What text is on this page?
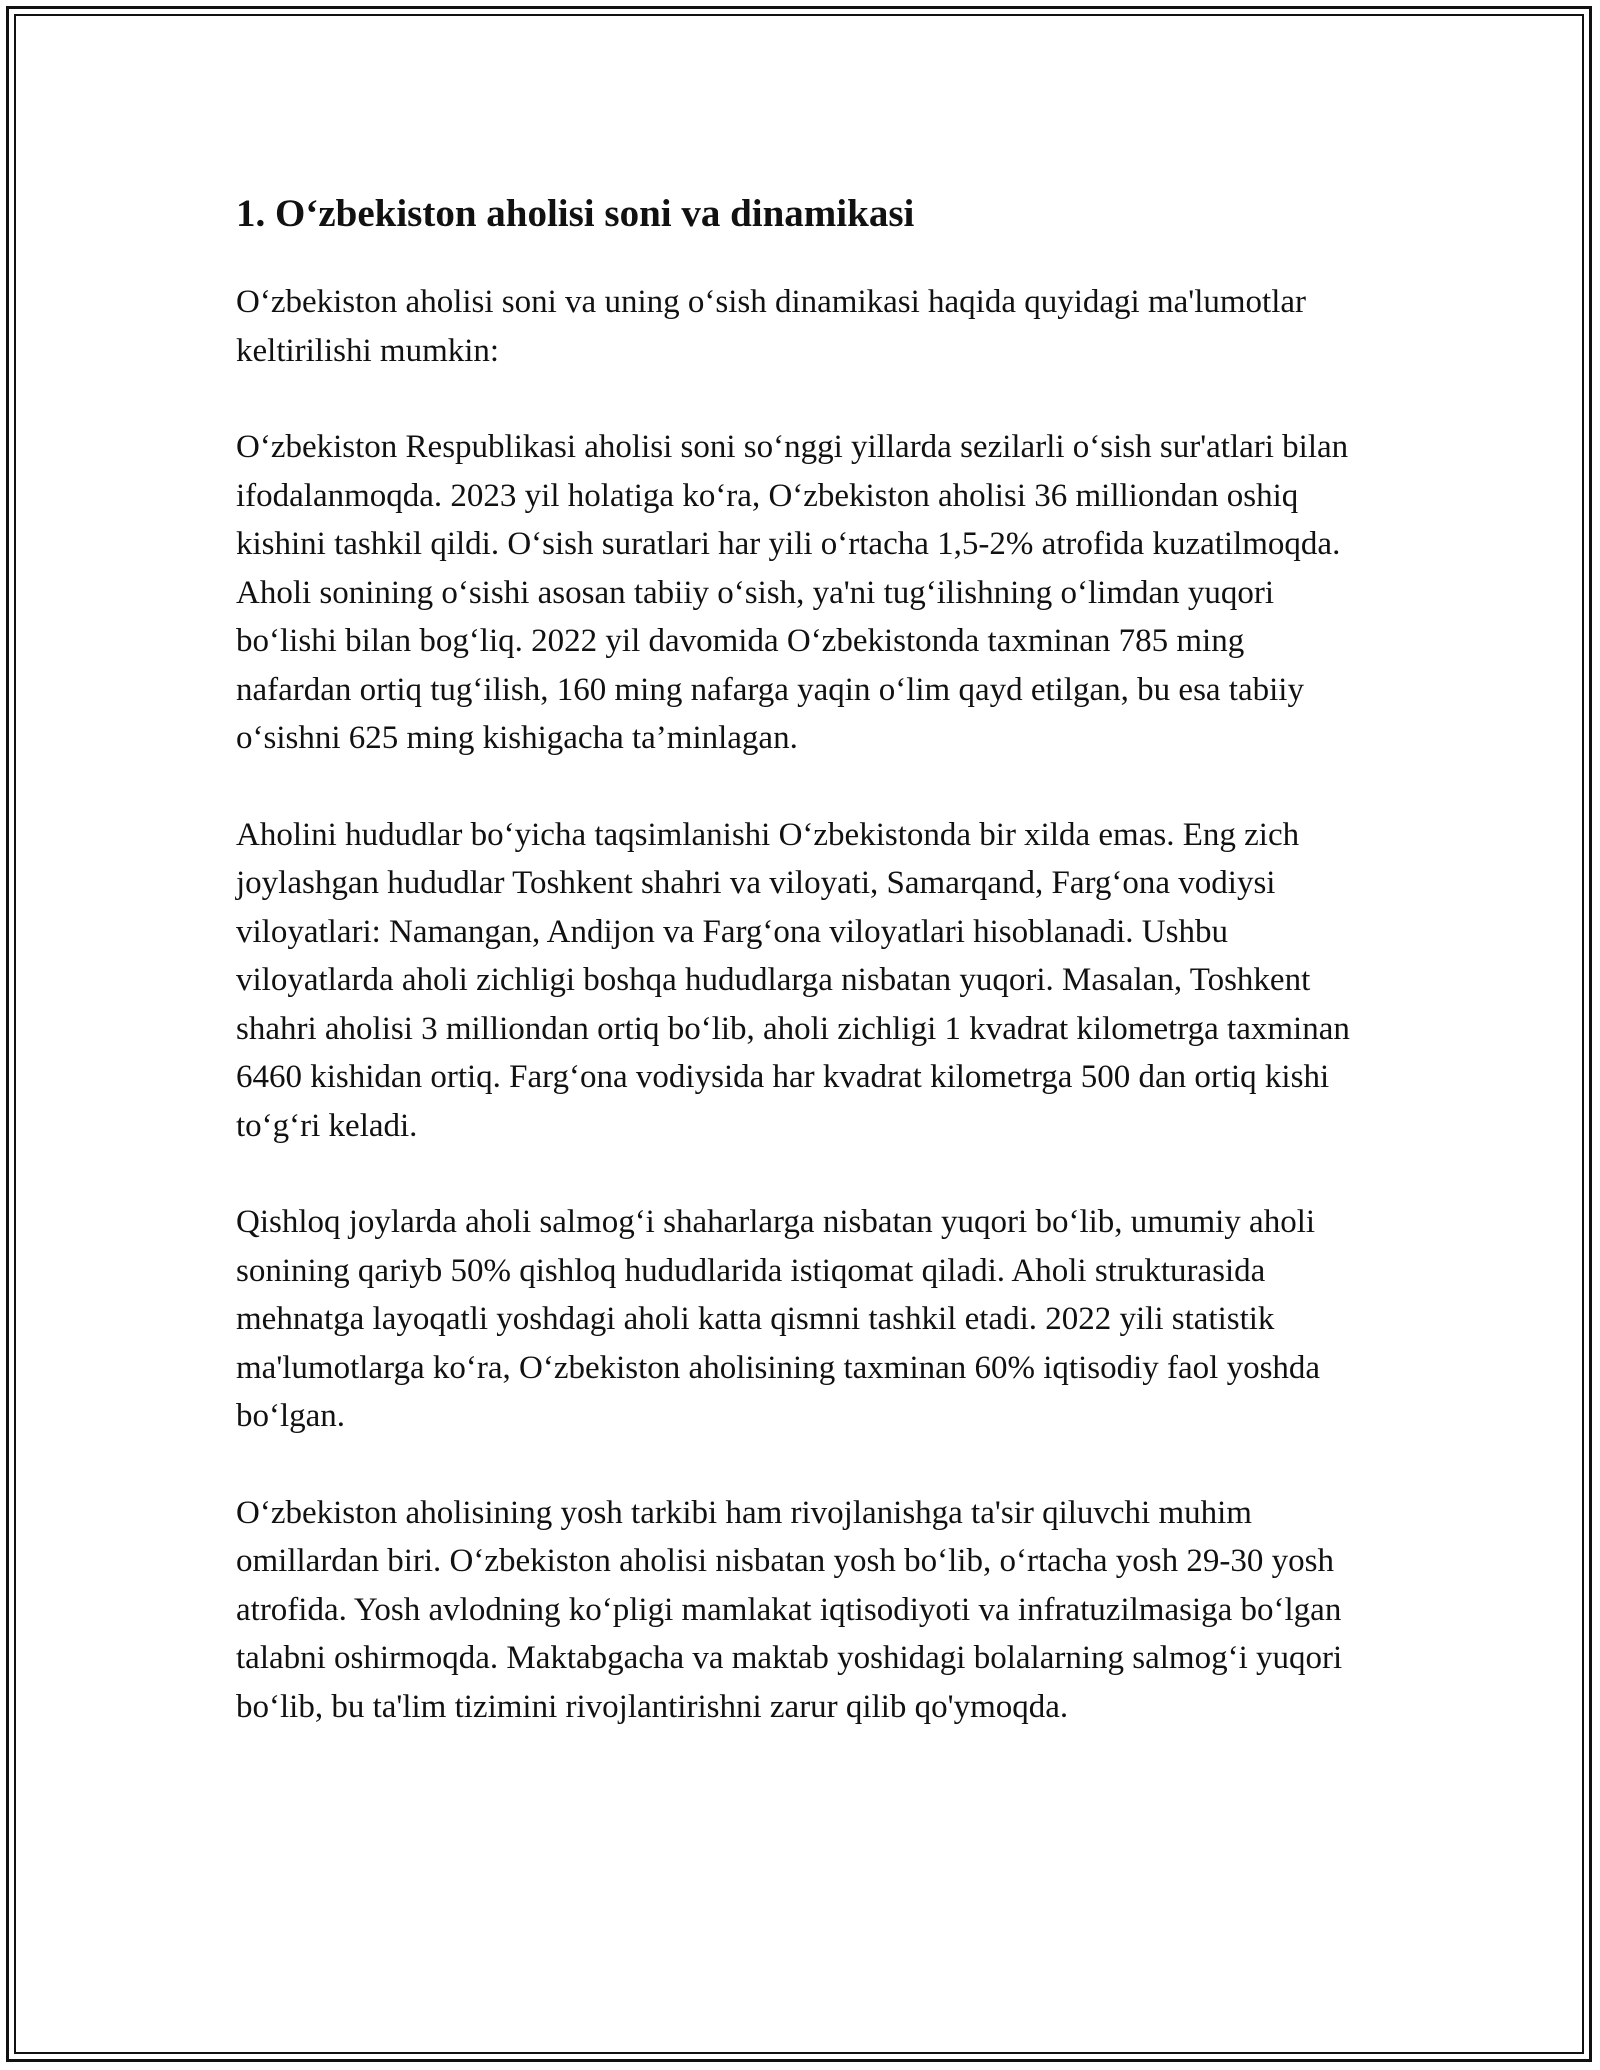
1. O‘zbekiston aholisi soni va dinamikasi

O‘zbekiston aholisi soni va uning o‘sish dinamikasi haqida quyidagi ma'lumotlar keltirilishi mumkin:

O‘zbekiston Respublikasi aholisi soni so‘nggi yillarda sezilarli o‘sish sur'atlari bilan ifodalanmoqda. 2023 yil holatiga ko‘ra, O‘zbekiston aholisi 36 milliondan oshiq kishini tashkil qildi. O‘sish suratlari har yili o‘rtacha 1,5-2% atrofida kuzatilmoqda. Aholi sonining o‘sishi asosan tabiiy o‘sish, ya'ni tug‘ilishning o‘limdan yuqori bo‘lishi bilan bog‘liq. 2022 yil davomida O‘zbekistonda taxminan 785 ming nafardan ortiq tug‘ilish, 160 ming nafarga yaqin o‘lim qayd etilgan, bu esa tabiiy o‘sishni 625 ming kishigacha ta’minlagan.

Aholini hududlar bo‘yicha taqsimlanishi O‘zbekistonda bir xilda emas. Eng zich joylashgan hududlar Toshkent shahri va viloyati, Samarqand, Farg‘ona vodiysi viloyatlari: Namangan, Andijon va Farg‘ona viloyatlari hisoblanadi. Ushbu viloyatlarda aholi zichligi boshqa hududlarga nisbatan yuqori. Masalan, Toshkent shahri aholisi 3 milliondan ortiq bo‘lib, aholi zichligi 1 kvadrat kilometrga taxminan 6460 kishidan ortiq. Farg‘ona vodiysida har kvadrat kilometrga 500 dan ortiq kishi to‘g‘ri keladi.

Qishloq joylarda aholi salmog‘i shaharlarga nisbatan yuqori bo‘lib, umumiy aholi sonining qariyb 50% qishloq hududlarida istiqomat qiladi. Aholi strukturasida mehnatga layoqatli yoshdagi aholi katta qismni tashkil etadi. 2022 yili statistik ma'lumotlarga ko‘ra, O‘zbekiston aholisining taxminan 60% iqtisodiy faol yoshda bo‘lgan.

O‘zbekiston aholisining yosh tarkibi ham rivojlanishga ta'sir qiluvchi muhim omillardan biri. O‘zbekiston aholisi nisbatan yosh bo‘lib, o‘rtacha yosh 29-30 yosh atrofida. Yosh avlodning ko‘pligi mamlakat iqtisodiyoti va infratuzilmasiga bo‘lgan talabni oshirmoqda. Maktabgacha va maktab yoshidagi bolalarning salmog‘i yuqori bo‘lib, bu ta'lim tizimini rivojlantirishni zarur qilib qo'ymoqda.
